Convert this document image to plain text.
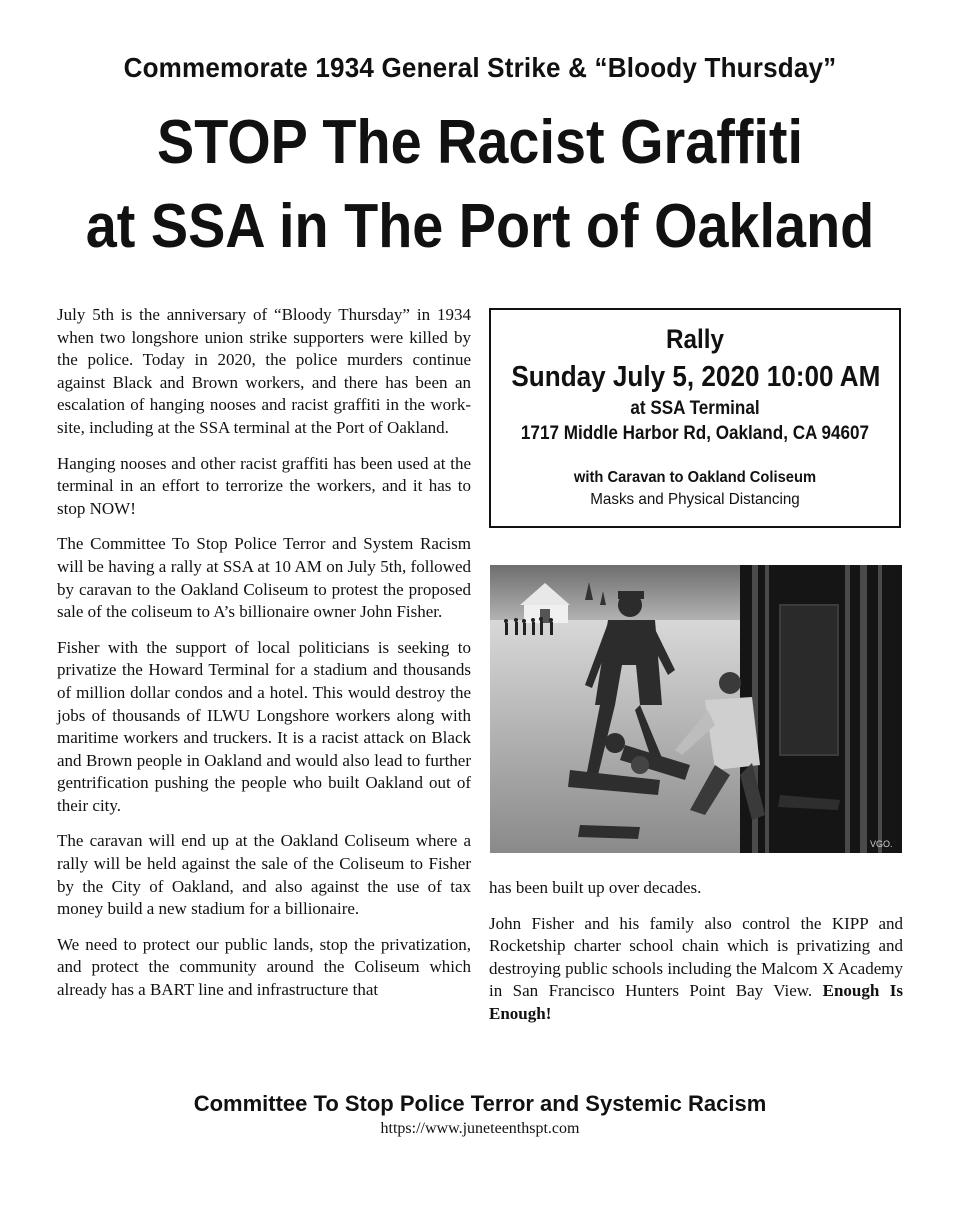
Commemorate 1934 General Strike & “Bloody Thursday”
STOP The Racist Graffiti
at SSA in The Port of Oakland

July 5th is the anniversary of “Bloody Thursday” in 1934 when two longshore union strike supporters were killed by the police. Today in 2020, the police murders continue against Black and Brown workers, and there has been an escalation of hanging nooses and racist graffiti in the work-site, including at the SSA terminal at the Port of Oakland.

Hanging nooses and other racist graffiti has been used at the terminal in an effort to terrorize the workers, and it has to stop NOW!

The Committee To Stop Police Terror and System Racism will be having a rally at SSA at 10 AM on July 5th, followed by caravan to the Oakland Coliseum to protest the proposed sale of the coliseum to A’s billionaire owner John Fisher.

Fisher with the support of local politicians is seeking to privatize the Howard Terminal for a stadium and thousands of million dollar condos and a hotel. This would destroy the jobs of thousands of ILWU Longshore workers along with maritime workers and truckers. It is a racist attack on Black and Brown people in Oakland and would also lead to further gentrification pushing the people who built Oakland out of their city.

The caravan will end up at the Oakland Coliseum where a rally will be held against the sale of the Coliseum to Fisher by the City of Oakland, and also against the use of tax money build a new stadium for a billionaire.

We need to protect our public lands, stop the privatization, and protect the community around the Coliseum which already has a BART line and infrastructure that

Rally
Sunday July 5, 2020 10:00 AM
at SSA Terminal
1717 Middle Harbor Rd, Oakland, CA 94607
with Caravan to Oakland Coliseum
Masks and Physical Distancing
VGO.

has been built up over decades.

John Fisher and his family also control the KIPP and Rocketship charter school chain which is privatizing and destroying public schools including the Malcom X Academy in San Francisco Hunters Point Bay View. Enough Is Enough!

Committee To Stop Police Terror and Systemic Racism
https://www.juneteenthspt.com
